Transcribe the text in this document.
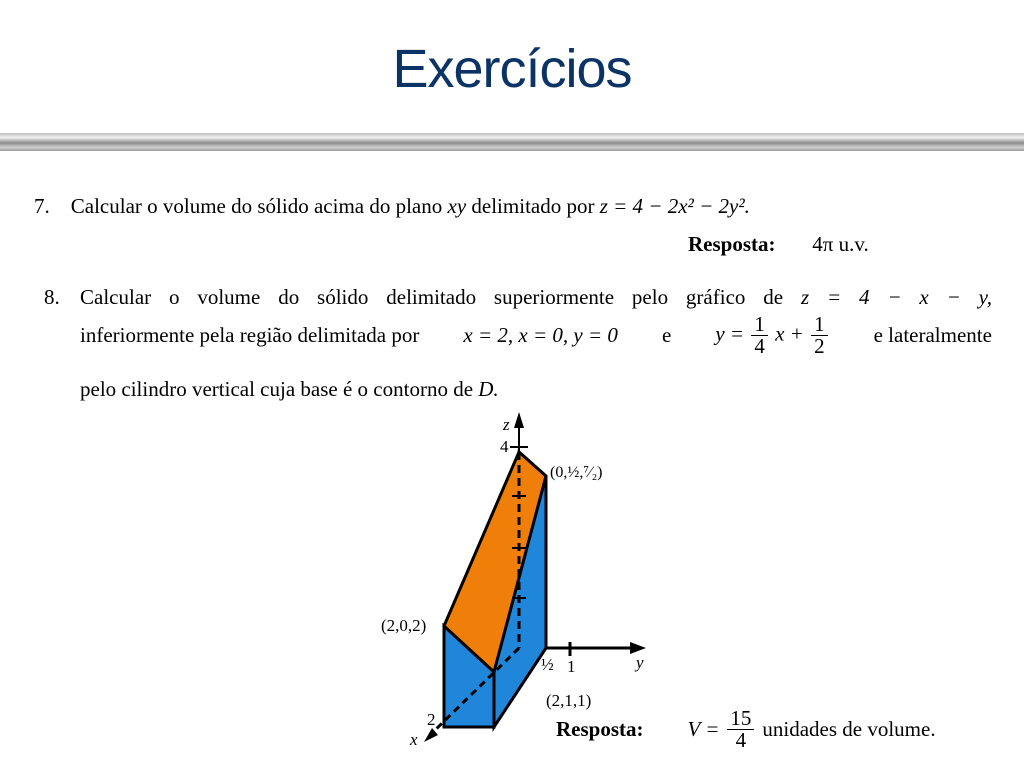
Exercícios
7. Calcular o volume do sólido acima do plano xy delimitado por z = 4 − 2x² − 2y².
Resposta: 4π u.v.
8. Calcular o volume do sólido delimitado superiormente pelo gráfico de z = 4 − x − y,
inferiormente pela região delimitada por x = 2, x = 0, y = 0 e $y = \frac{1}{4}$ $x + \frac{1}{2}$ e lateralmente
pelo cilindro vertical cuja base é o contorno de D.
z
4
y
½ 1
x
2
(0,½,⁷⁄₂)
(2,0,2)
(2,1,1)
Resposta: $V = \frac{15}{4}$ unidades de volume.
